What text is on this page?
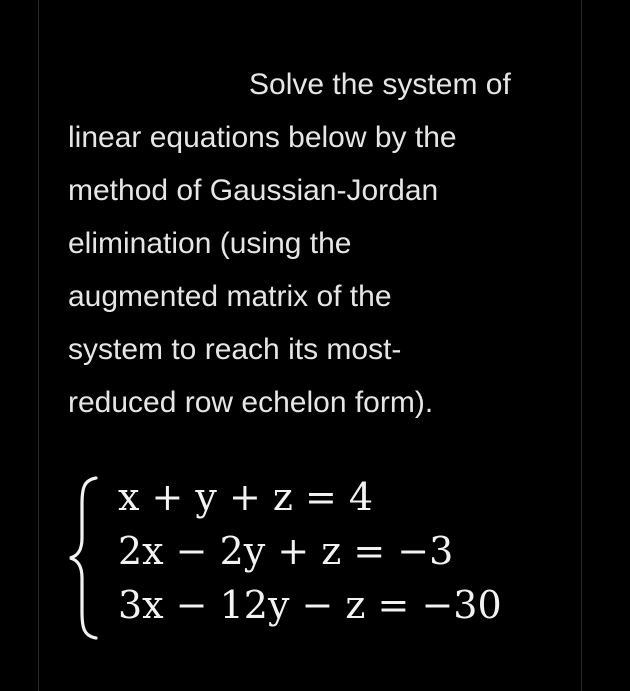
Solve the system of
linear equations below by the
method of Gaussian-Jordan
elimination (using the
augmented matrix of the
system to reach its most-
reduced row echelon form).
x + y + z = 4
2x − 2y + z = −3
3x − 12y − z = −30
